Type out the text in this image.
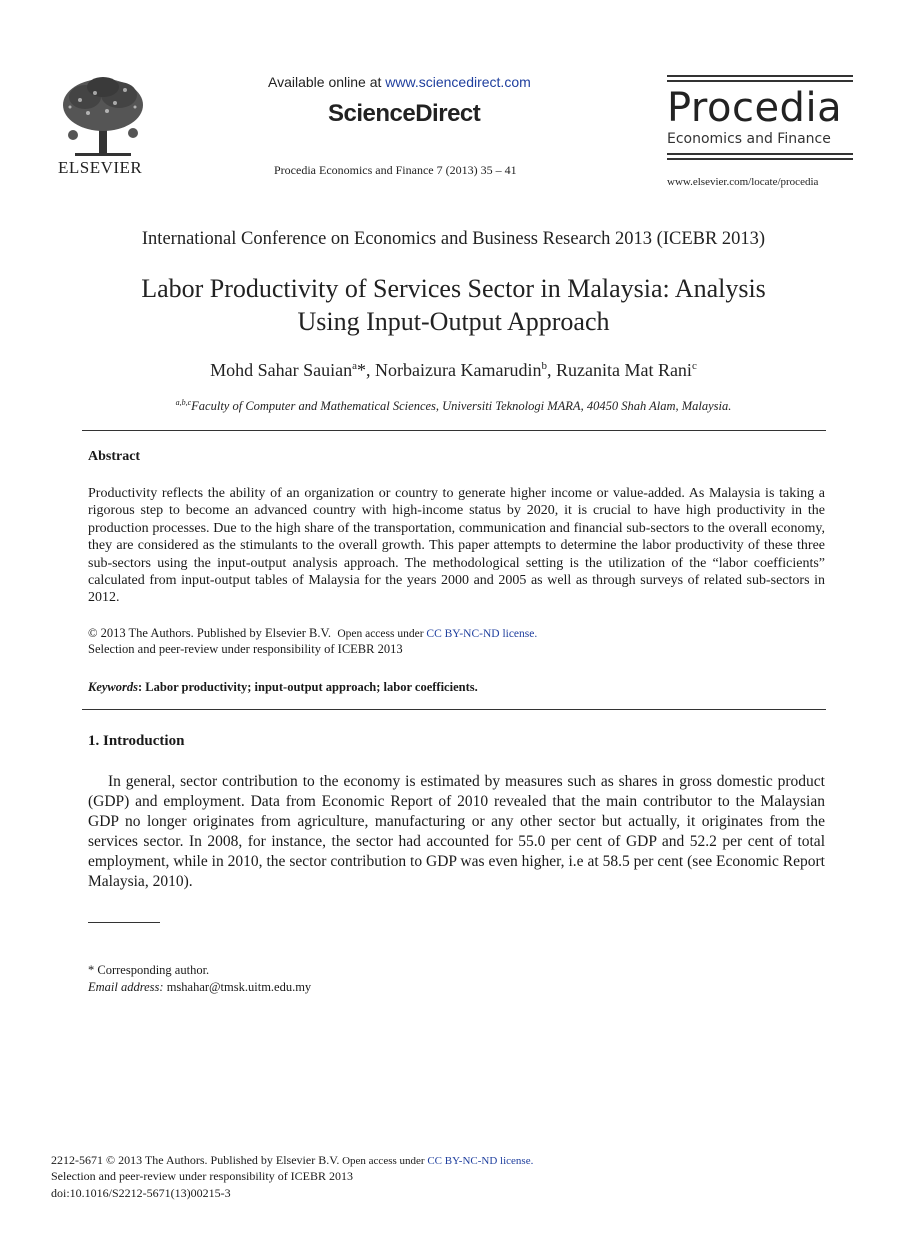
ELSEVIER
Available online at www.sciencedirect.com
ScienceDirect
Procedia Economics and Finance 7 (2013) 35 – 41
Procedia
Economics and Finance
www.elsevier.com/locate/procedia
International Conference on Economics and Business Research 2013 (ICEBR 2013)
Labor Productivity of Services Sector in Malaysia: Analysis
Using Input-Output Approach
Mohd Sahar Sauian$^a$*, Norbaizura Kamarudin$^b$, Ruzanita Mat Rani$^c$
$^{a,b,c}$Faculty of Computer and Mathematical Sciences, Universiti Teknologi MARA, 40450 Shah Alam, Malaysia.
Abstract
Productivity reflects the ability of an organization or country to generate higher income or value-added. As Malaysia is taking a rigorous step to become an advanced country with high-income status by 2020, it is crucial to have high productivity in the production processes. Due to the high share of the transportation, communication and financial sub-sectors to the overall economy, they are considered as the stimulants to the overall growth. This paper attempts to determine the labor productivity of these three sub-sectors using the input-output analysis approach. The methodological setting is the utilization of the “labor coefficients” calculated from input-output tables of Malaysia for the years 2000 and 2005 as well as through surveys of related sub-sectors in 2012.
© 2013 The Authors. Published by Elsevier B.V. Open access under CC BY-NC-ND license.
Selection and peer-review under responsibility of ICEBR 2013
Keywords: Labor productivity; input-output approach; labor coefficients.
1. Introduction
In general, sector contribution to the economy is estimated by measures such as shares in gross domestic product (GDP) and employment. Data from Economic Report of 2010 revealed that the main contributor to the Malaysian GDP no longer originates from agriculture, manufacturing or any other sector but actually, it originates from the services sector. In 2008, for instance, the sector had accounted for 55.0 per cent of GDP and 52.2 per cent of total employment, while in 2010, the sector contribution to GDP was even higher, i.e at 58.5 per cent (see Economic Report Malaysia, 2010).
* Corresponding author.
Email address: mshahar@tmsk.uitm.edu.my
2212-5671 © 2013 The Authors. Published by Elsevier B.V. Open access under CC BY-NC-ND license.
Selection and peer-review under responsibility of ICEBR 2013
doi:10.1016/S2212-5671(13)00215-3
